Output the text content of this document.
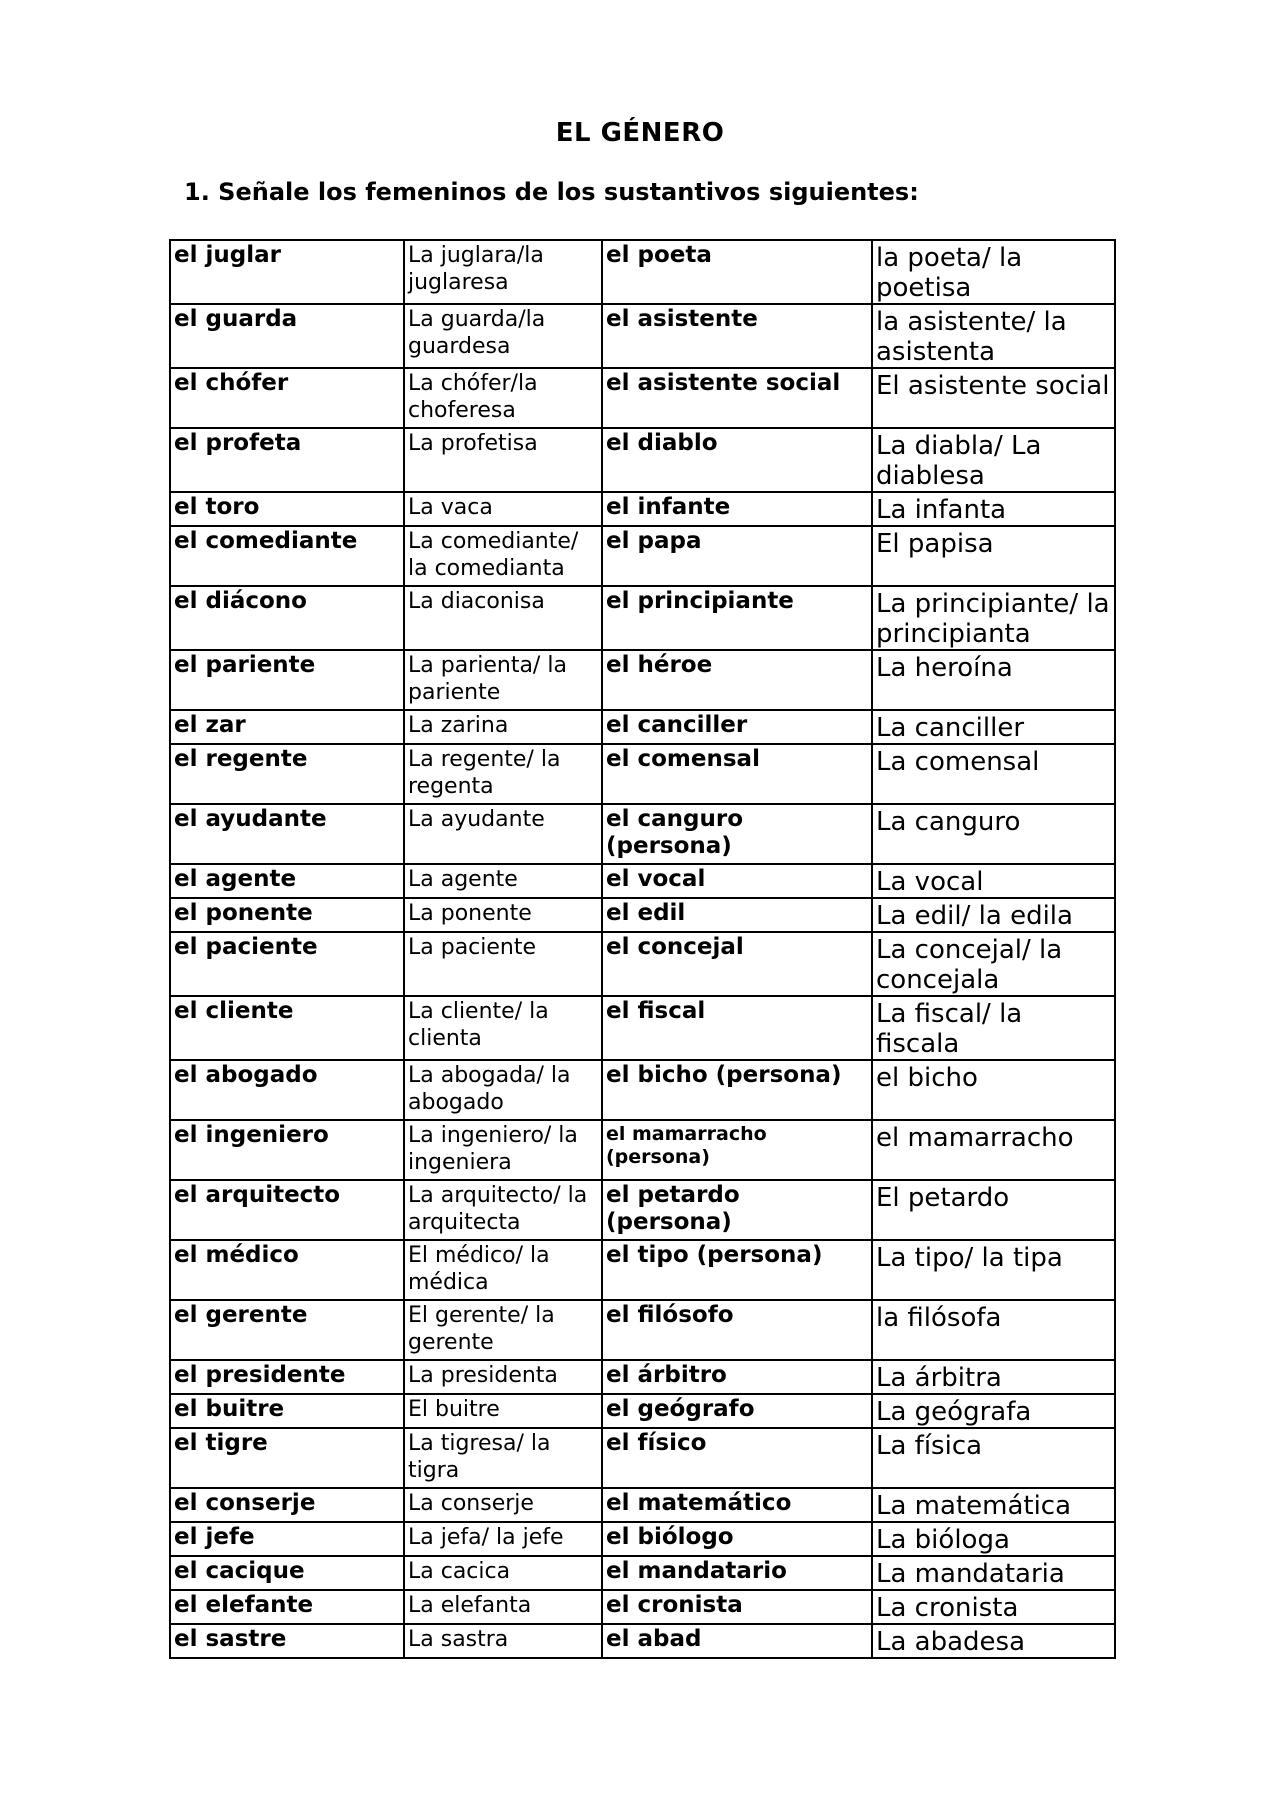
EL GÉNERO
1. Señale los femeninos de los sustantivos siguientes:
el juglar	La juglara/la juglaresa	el poeta	la poeta/ la poetisa
el guarda	La guarda/la guardesa	el asistente	la asistente/ la asistenta
el chófer	La chófer/la choferesa	el asistente social	El asistente social
el profeta	La profetisa	el diablo	La diabla/ La diablesa
el toro	La vaca	el infante	La infanta
el comediante	La comediante/ la comedianta	el papa	El papisa
el diácono	La diaconisa	el principiante	La principiante/ la principianta
el pariente	La parienta/ la pariente	el héroe	La heroína
el zar	La zarina	el canciller	La canciller
el regente	La regente/ la regenta	el comensal	La comensal
el ayudante	La ayudante	el canguro (persona)	La canguro
el agente	La agente	el vocal	La vocal
el ponente	La ponente	el edil	La edil/ la edila
el paciente	La paciente	el concejal	La concejal/ la concejala
el cliente	La cliente/ la clienta	el fiscal	La fiscal/ la fiscala
el abogado	La abogada/ la abogado	el bicho (persona)	el bicho
el ingeniero	La ingeniero/ la ingeniera	el mamarracho (persona)	el mamarracho
el arquitecto	La arquitecto/ la arquitecta	el petardo (persona)	El petardo
el médico	El médico/ la médica	el tipo (persona)	La tipo/ la tipa
el gerente	El gerente/ la gerente	el filósofo	la filósofa
el presidente	La presidenta	el árbitro	La árbitra
el buitre	El buitre	el geógrafo	La geógrafa
el tigre	La tigresa/ la tigra	el físico	La física
el conserje	La conserje	el matemático	La matemática
el jefe	La jefa/ la jefe	el biólogo	La bióloga
el cacique	La cacica	el mandatario	La mandataria
el elefante	La elefanta	el cronista	La cronista
el sastre	La sastra	el abad	La abadesa
